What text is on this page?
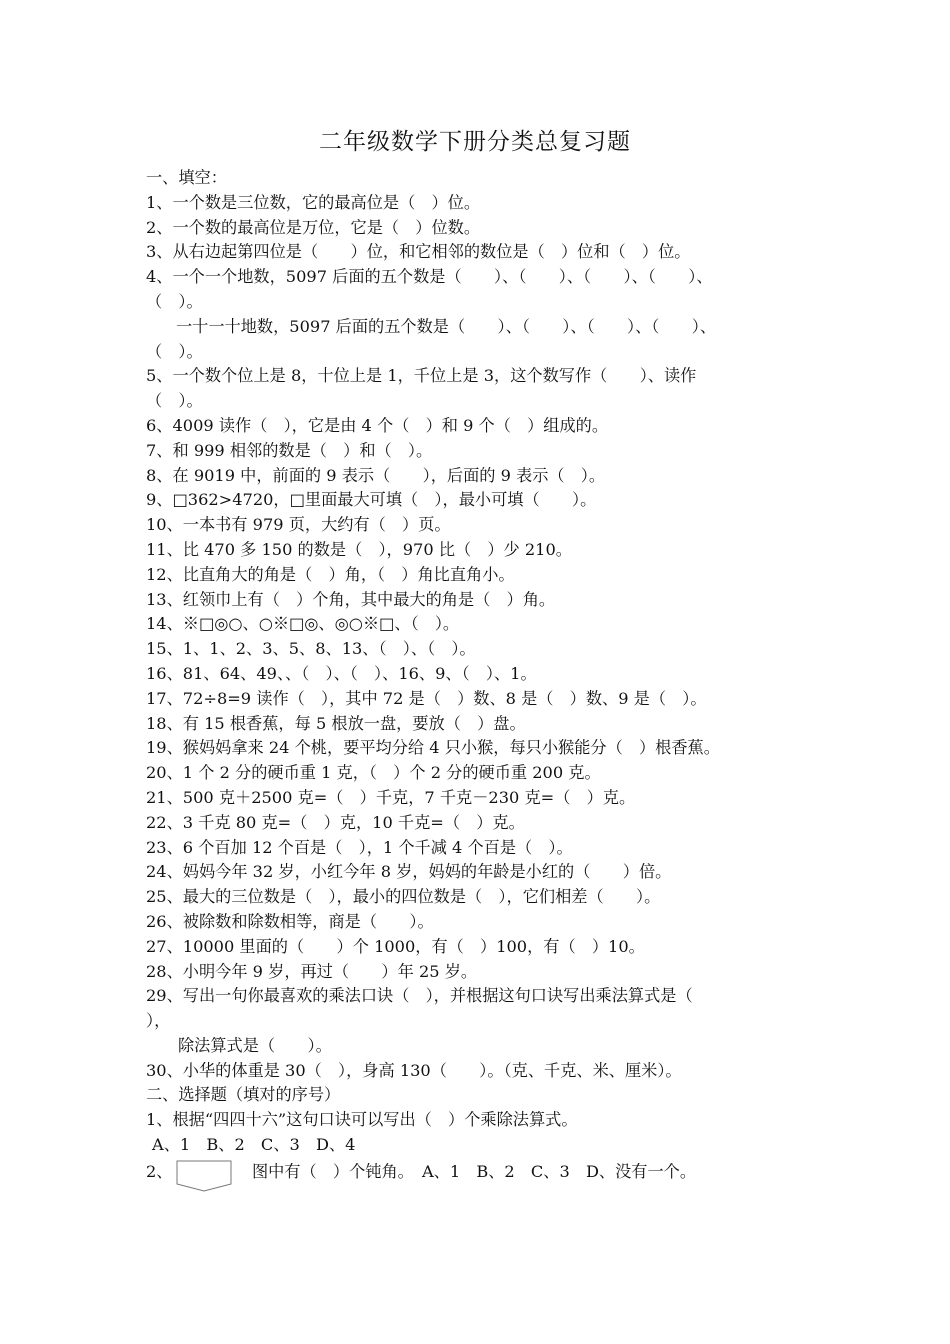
二年级数学下册分类总复习题
一、填空：
1、一个数是三位数，它的最高位是（　）位。
2、一个数的最高位是万位，它是（　）位数。
3、从右边起第四位是（　　）位，和它相邻的数位是（　）位和（　）位。
4、一个一个地数，5097 后面的五个数是（　　）、（　　）、（　　）、（　　）、
（　）。
一十一十地数，5097 后面的五个数是（　　）、（　　）、（　　）、（　　）、
（　）。
5、一个数个位上是 8，十位上是 1，千位上是 3，这个数写作（　　）、读作
（　）。
6、4009 读作（　），它是由 4 个（　）和 9 个（　）组成的。
7、和 999 相邻的数是（　）和（　）。
8、在 9019 中，前面的 9 表示（　　），后面的 9 表示（　）。
9、□362>4720，□里面最大可填（　），最小可填（　　）。
10、一本书有 979 页，大约有（　）页。
11、比 470 多 150 的数是（　），970 比（　）少 210。
12、比直角大的角是（　）角，（　）角比直角小。
13、红领巾上有（　）个角，其中最大的角是（　）角。
14、※□◎○、○※□◎、◎○※□、（　）。
15、1、1、2、3、5、8、13、（　）、（　）。
16、81、64、49、、（　）、（　）、16、9、（　）、1。
17、72÷8=9 读作（　），其中 72 是（　）数、8 是（　）数、9 是（　）。
18、有 15 根香蕉，每 5 根放一盘，要放（　）盘。
19、猴妈妈拿来 24 个桃，要平均分给 4 只小猴，每只小猴能分（　）根香蕉。
20、1 个 2 分的硬币重 1 克，（　）个 2 分的硬币重 200 克。
21、500 克＋2500 克=（　）千克，7 千克－230 克=（　）克。
22、3 千克 80 克=（　）克，10 千克=（　）克。
23、6 个百加 12 个百是（　），1 个千减 4 个百是（　）。
24、妈妈今年 32 岁，小红今年 8 岁，妈妈的年龄是小红的（　　）倍。
25、最大的三位数是（　），最小的四位数是（　），它们相差（　　）。
26、被除数和除数相等，商是（　　）。
27、10000 里面的（　　）个 1000，有（　）100，有（　）10。
28、小明今年 9 岁，再过（　　）年 25 岁。
29、写出一句你最喜欢的乘法口诀（　），并根据这句口诀写出乘法算式是（
），
除法算式是（　　）。
30、小华的体重是 30（　），身高 130（　　）。（克、千克、米、厘米）。
二、选择题（填对的序号）
1、根据“四四十六”这句口诀可以写出（　）个乘除法算式。
A、1　B、2　C、3　D、4
2、	图中有（　）个钝角。　A、1　B、2　C、3　D、没有一个。
